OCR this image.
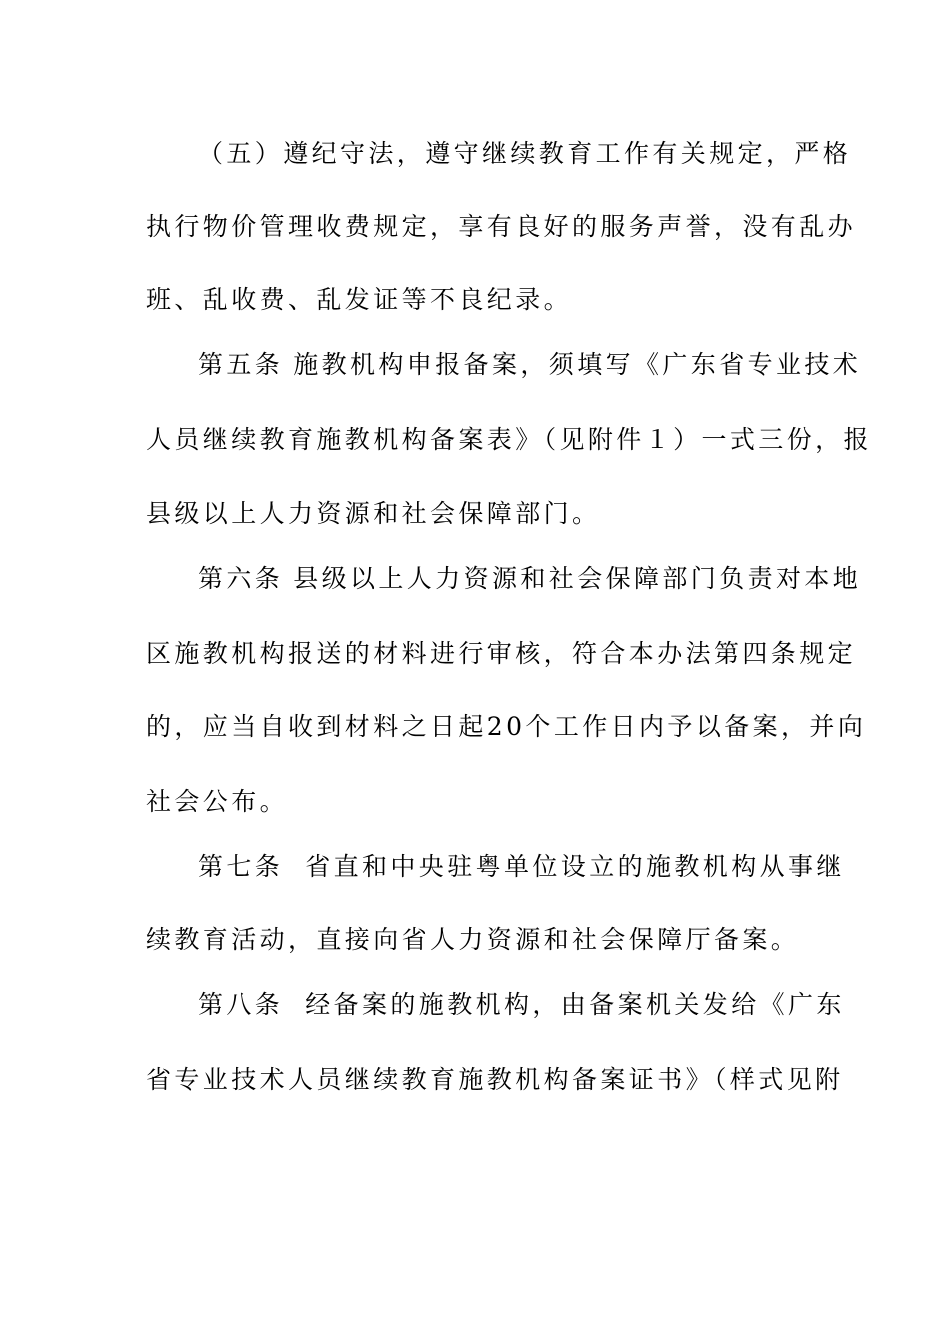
（五）遵纪守法，遵守继续教育工作有关规定，严格
执行物价管理收费规定，享有良好的服务声誉，没有乱办
班、乱收费、乱发证等不良纪录。
第五条 施教机构申报备案，须填写《广东省专业技术
人员继续教育施教机构备案表》（见附件１）一式三份，报
县级以上人力资源和社会保障部门。
第六条 县级以上人力资源和社会保障部门负责对本地
区施教机构报送的材料进行审核，符合本办法第四条规定
的，应当自收到材料之日起20个工作日内予以备案，并向
社会公布。
第七条 省直和中央驻粤单位设立的施教机构从事继
续教育活动，直接向省人力资源和社会保障厅备案。
第八条 经备案的施教机构，由备案机关发给《广东
省专业技术人员继续教育施教机构备案证书》（样式见附
